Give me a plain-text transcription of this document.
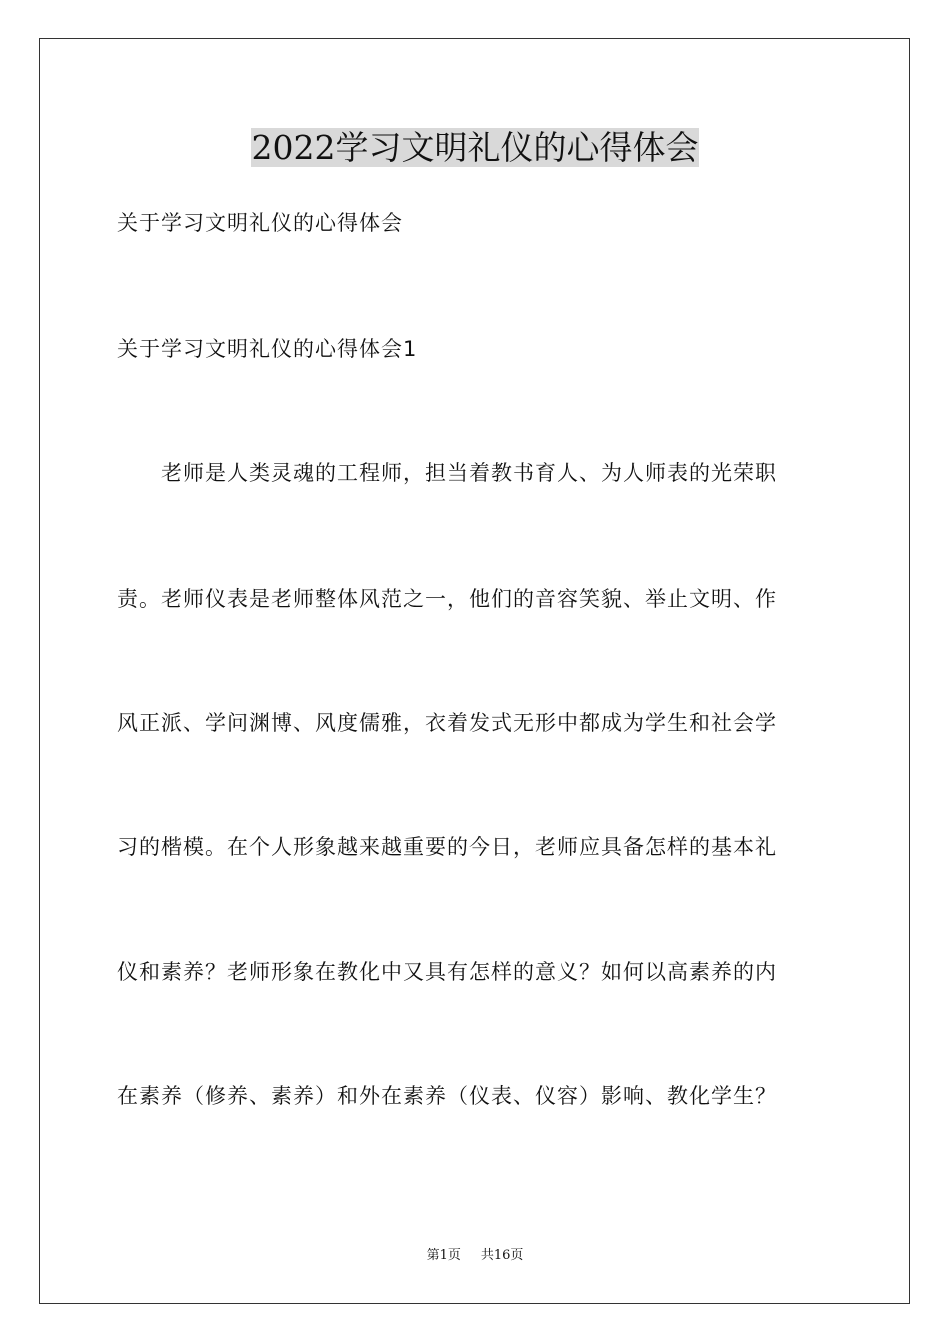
2022学习文明礼仪的心得体会

关于学习文明礼仪的心得体会

关于学习文明礼仪的心得体会1

　　老师是人类灵魂的工程师，担当着教书育人、为人师表的光荣职

责。老师仪表是老师整体风范之一，他们的音容笑貌、举止文明、作

风正派、学问渊博、风度儒雅，衣着发式无形中都成为学生和社会学

习的楷模。在个人形象越来越重要的今日，老师应具备怎样的基本礼

仪和素养？老师形象在教化中又具有怎样的意义？如何以高素养的内

在素养（修养、素养）和外在素养（仪表、仪容）影响、教化学生？

第1页 共16页
